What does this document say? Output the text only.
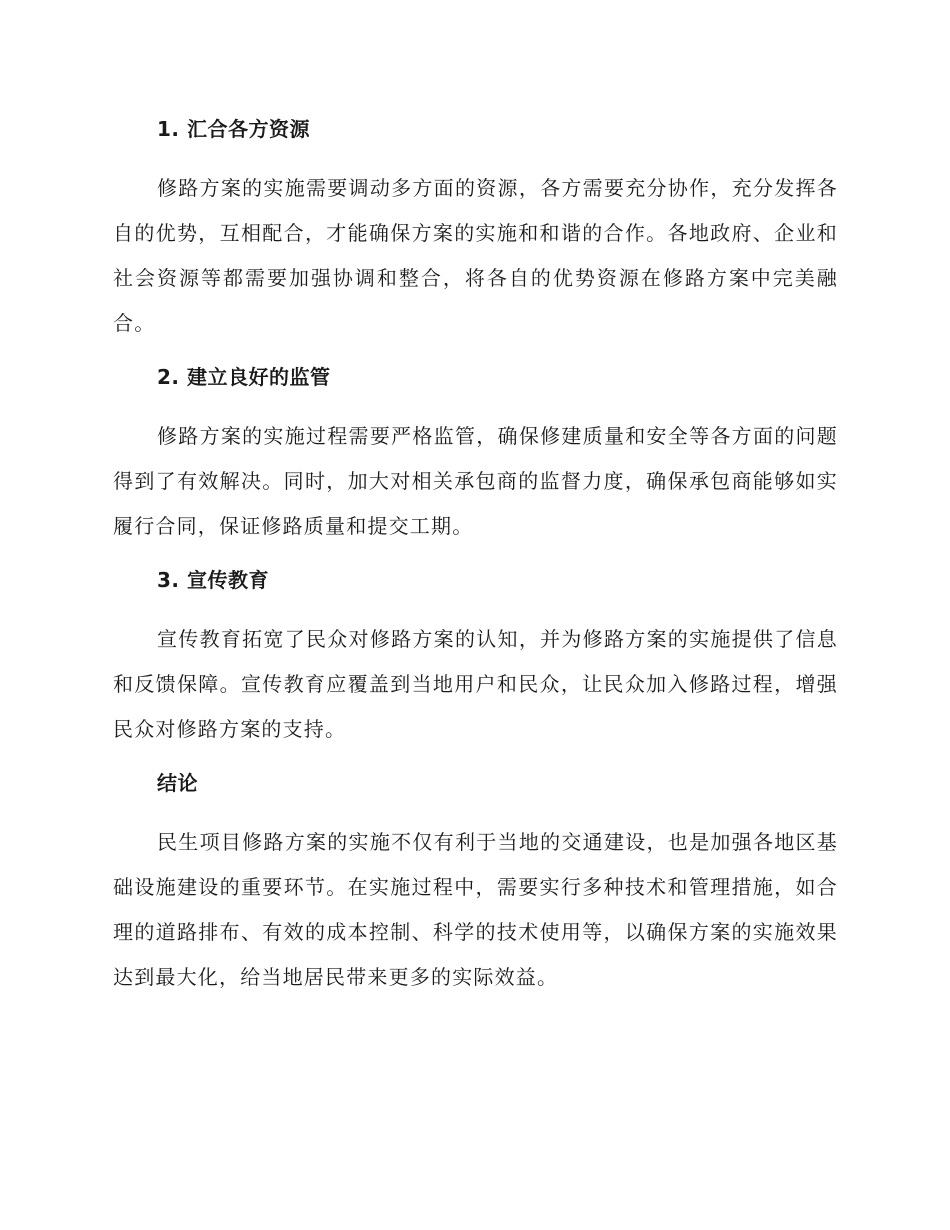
1. 汇合各方资源

修路方案的实施需要调动多方面的资源，各方需要充分协作，充分发挥各自的优势，互相配合，才能确保方案的实施和和谐的合作。各地政府、企业和社会资源等都需要加强协调和整合，将各自的优势资源在修路方案中完美融合。

2. 建立良好的监管

修路方案的实施过程需要严格监管，确保修建质量和安全等各方面的问题得到了有效解决。同时，加大对相关承包商的监督力度，确保承包商能够如实履行合同，保证修路质量和提交工期。

3. 宣传教育

宣传教育拓宽了民众对修路方案的认知，并为修路方案的实施提供了信息和反馈保障。宣传教育应覆盖到当地用户和民众，让民众加入修路过程，增强民众对修路方案的支持。

结论

民生项目修路方案的实施不仅有利于当地的交通建设，也是加强各地区基础设施建设的重要环节。在实施过程中，需要实行多种技术和管理措施，如合理的道路排布、有效的成本控制、科学的技术使用等，以确保方案的实施效果达到最大化，给当地居民带来更多的实际效益。
